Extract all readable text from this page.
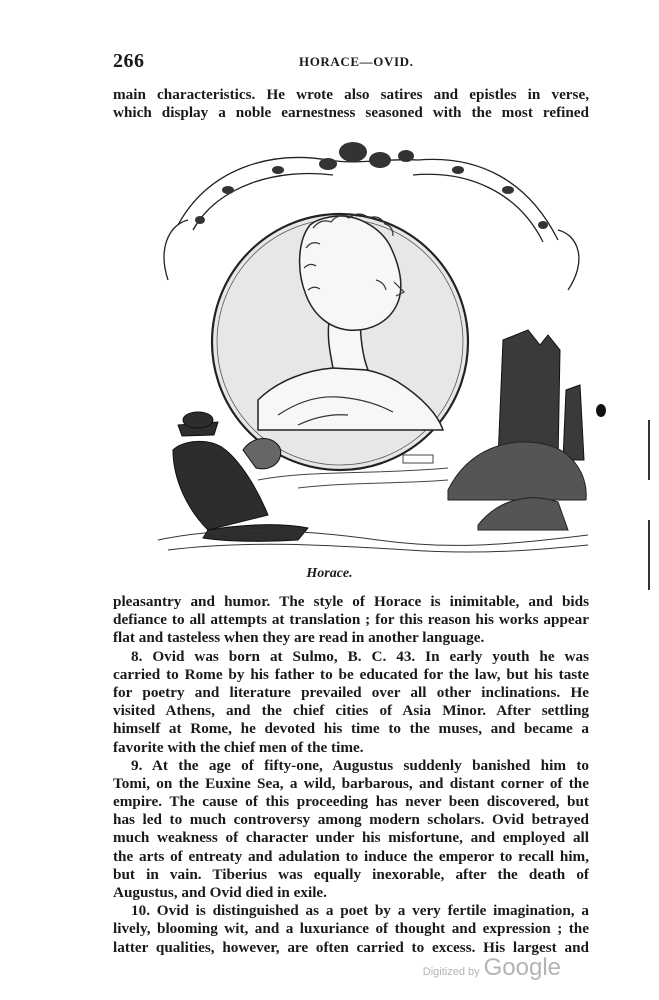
266	HORACE—OVID.
main characteristics. He wrote also satires and epistles in verse,
which display a noble earnestness seasoned with the most refined
Horace.
pleasantry and humor. The style of Horace is inimitable, and bids
defiance to all attempts at translation ; for this reason his works appear
flat and tasteless when they are read in another language.
8. Ovid was born at Sulmo, B. C. 43. In early youth he was
carried to Rome by his father to be educated for the law, but his taste
for poetry and literature prevailed over all other inclinations. He
visited Athens, and the chief cities of Asia Minor. After settling
himself at Rome, he devoted his time to the muses, and became a
favorite with the chief men of the time.
9. At the age of fifty-one, Augustus suddenly banished him to
Tomi, on the Euxine Sea, a wild, barbarous, and distant corner of the
empire. The cause of this proceeding has never been discovered, but
has led to much controversy among modern scholars. Ovid betrayed
much weakness of character under his misfortune, and employed all
the arts of entreaty and adulation to induce the emperor to recall him,
but in vain. Tiberius was equally inexorable, after the death of
Augustus, and Ovid died in exile.
10. Ovid is distinguished as a poet by a very fertile imagination, a
lively, blooming wit, and a luxuriance of thought and expression ; the
latter qualities, however, are often carried to excess. His largest and
Digitized by Google
